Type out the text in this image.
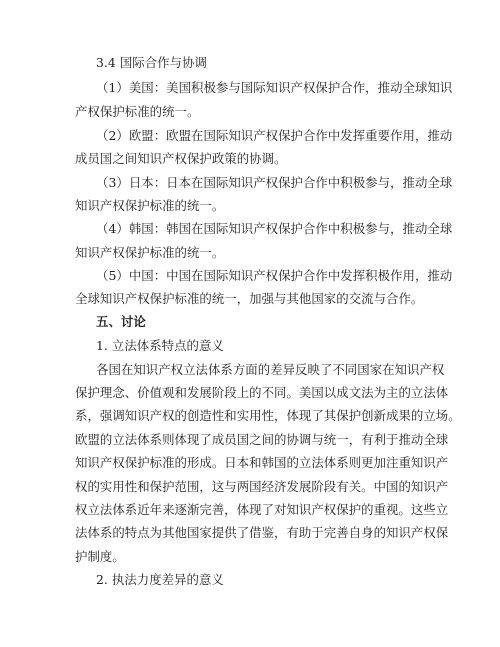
3.4 国际合作与协调
（1）美国：美国积极参与国际知识产权保护合作，推动全球知识
产权保护标准的统一。
（2）欧盟：欧盟在国际知识产权保护合作中发挥重要作用，推动
成员国之间知识产权保护政策的协调。
（3）日本：日本在国际知识产权保护合作中积极参与，推动全球
知识产权保护标准的统一。
（4）韩国：韩国在国际知识产权保护合作中积极参与，推动全球
知识产权保护标准的统一。
（5）中国：中国在国际知识产权保护合作中发挥积极作用，推动
全球知识产权保护标准的统一，加强与其他国家的交流与合作。
五、讨论
1. 立法体系特点的意义
各国在知识产权立法体系方面的差异反映了不同国家在知识产权
保护理念、价值观和发展阶段上的不同。美国以成文法为主的立法体
系，强调知识产权的创造性和实用性，体现了其保护创新成果的立场。
欧盟的立法体系则体现了成员国之间的协调与统一，有利于推动全球
知识产权保护标准的形成。日本和韩国的立法体系则更加注重知识产
权的实用性和保护范围，这与两国经济发展阶段有关。中国的知识产
权立法体系近年来逐渐完善，体现了对知识产权保护的重视。这些立
法体系的特点为其他国家提供了借鉴，有助于完善自身的知识产权保
护制度。
2. 执法力度差异的意义
